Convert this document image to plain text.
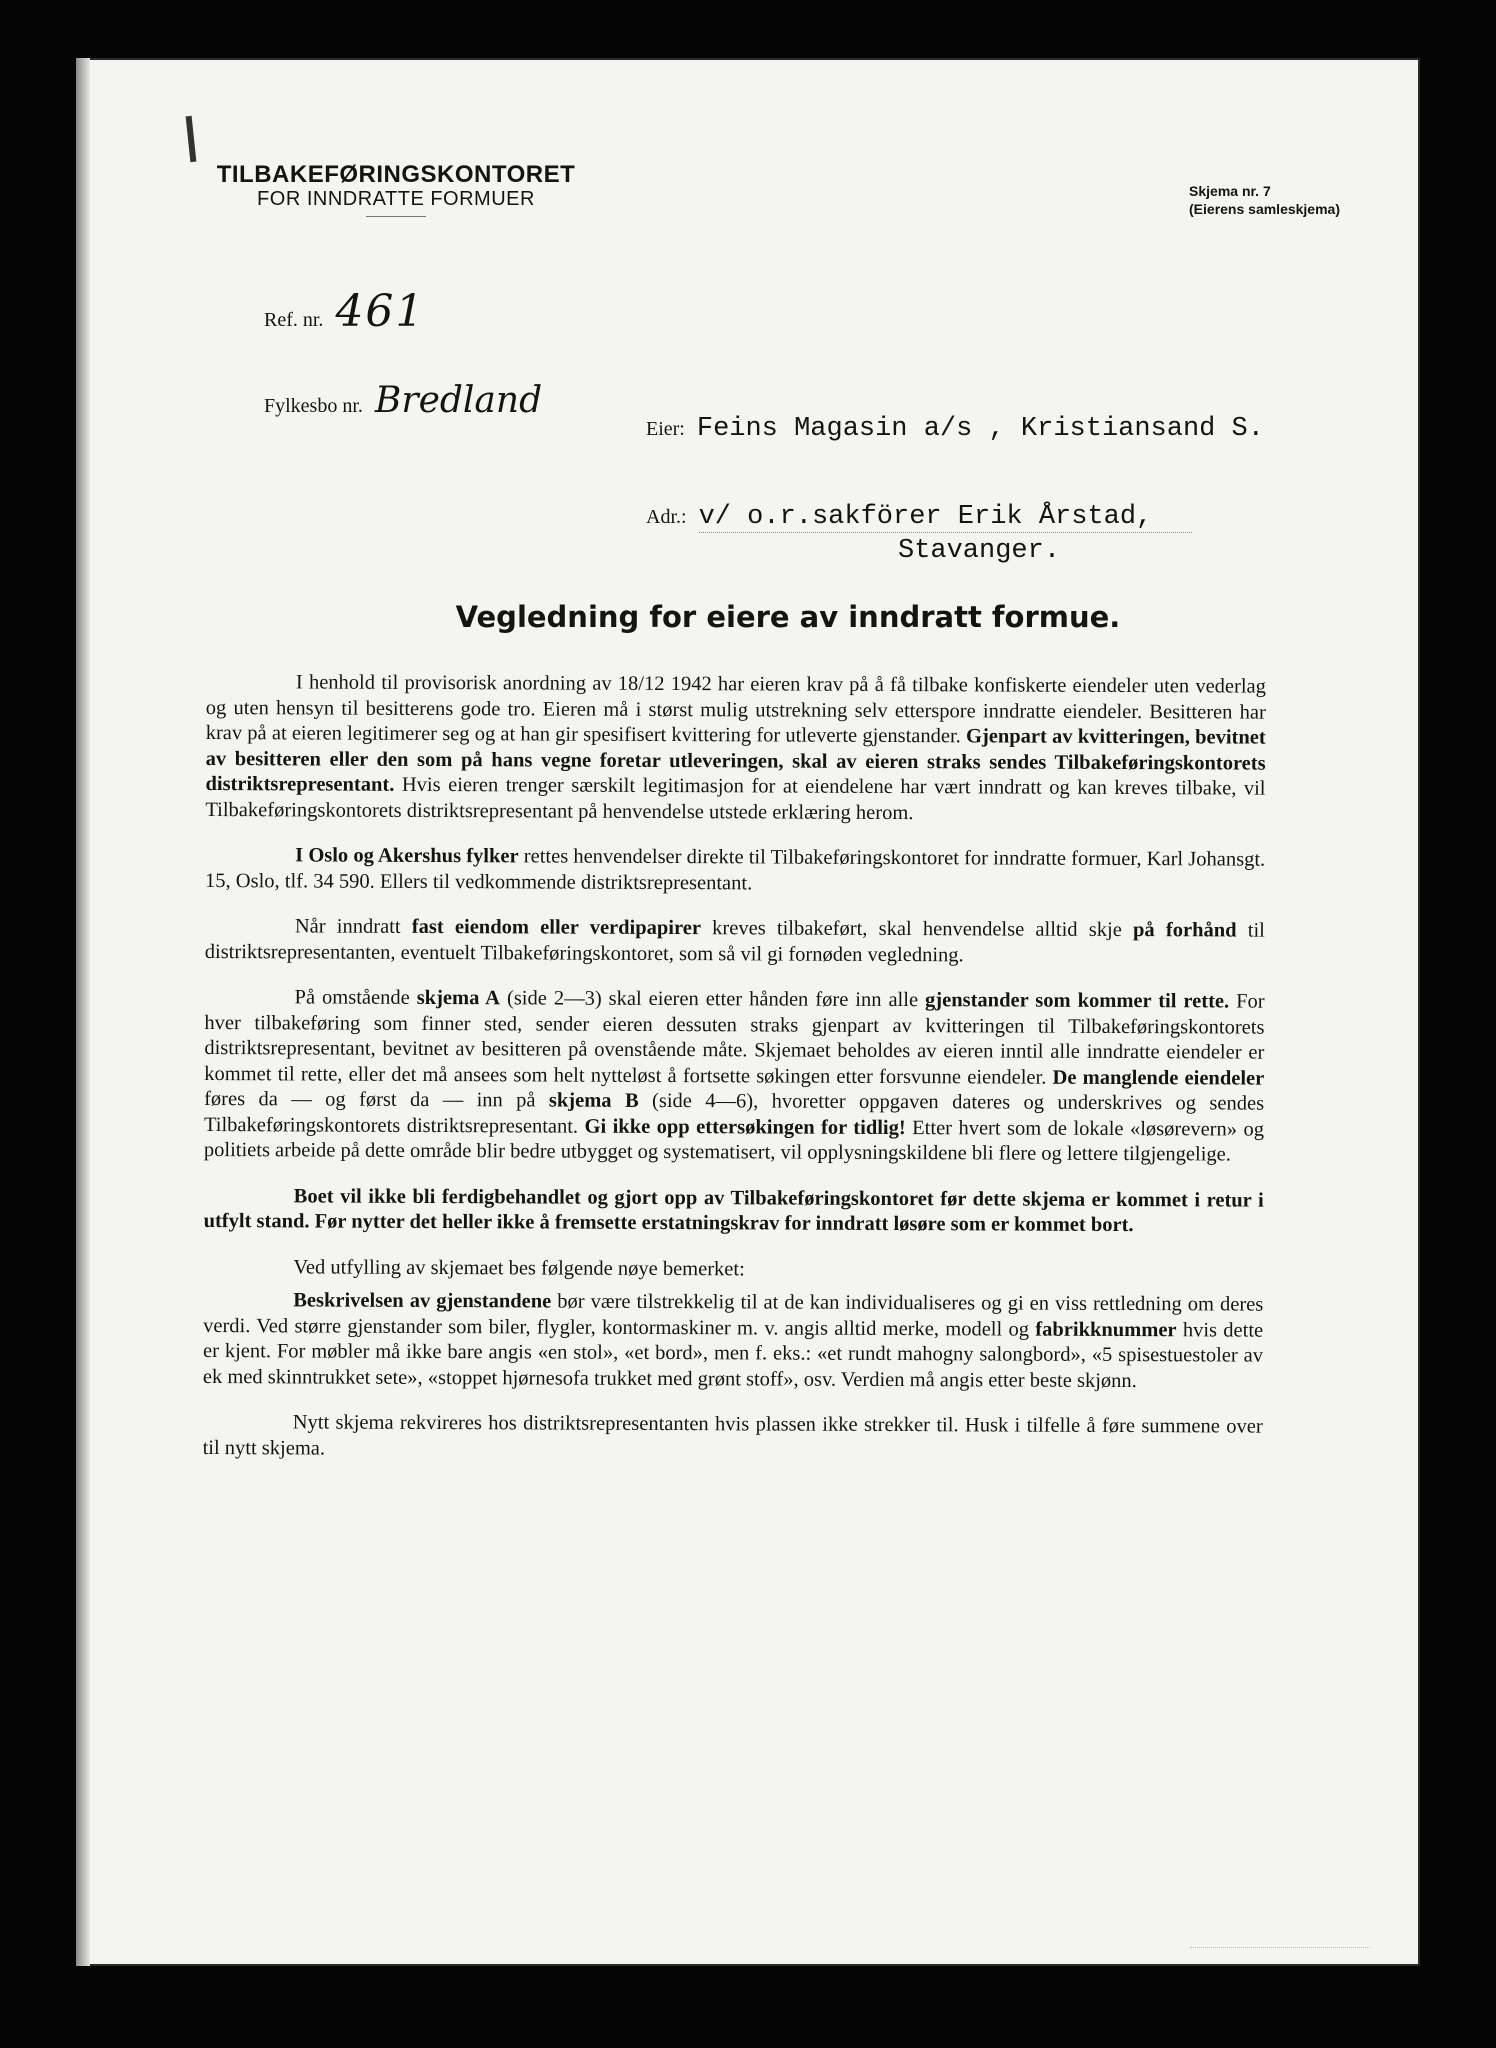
TILBAKEFØRINGSKONTORET
FOR INNDRATTE FORMUER	Skjema nr. 7
(Eierens samleskjema)
Ref. nr. 461
Fylkesbo nr. Bredland
Eier: Feins Magasin a/s , Kristiansand S.
Adr.: v/ o.r.sakförer Erik Årstad,
Stavanger.
Vegledning for eiere av inndratt formue.

I henhold til provisorisk anordning av 18/12 1942 har eieren krav på å få tilbake konfiskerte eiendeler uten vederlag og uten hensyn til besitterens gode tro. Eieren må i størst mulig utstrekning selv etterspore inndratte eiendeler. Besitteren har krav på at eieren legitimerer seg og at han gir spesifisert kvittering for utleverte gjenstander. Gjenpart av kvitteringen, bevitnet av besitteren eller den som på hans vegne foretar utleveringen, skal av eieren straks sendes Tilbakeføringskontorets distriktsrepresentant. Hvis eieren trenger særskilt legitimasjon for at eiendelene har vært inndratt og kan kreves tilbake, vil Tilbakeføringskontorets distriktsrepresentant på henvendelse utstede erklæring herom.

I Oslo og Akershus fylker rettes henvendelser direkte til Tilbakeføringskontoret for inndratte formuer, Karl Johansgt. 15, Oslo, tlf. 34 590. Ellers til vedkommende distriktsrepresentant.

Når inndratt fast eiendom eller verdipapirer kreves tilbakeført, skal henvendelse alltid skje på forhånd til distriktsrepresentanten, eventuelt Tilbakeføringskontoret, som så vil gi fornøden vegledning.

På omstående skjema A (side 2—3) skal eieren etter hånden føre inn alle gjenstander som kommer til rette. For hver tilbakeføring som finner sted, sender eieren dessuten straks gjenpart av kvitteringen til Tilbakeføringskontorets distriktsrepresentant, bevitnet av besitteren på ovenstående måte. Skjemaet beholdes av eieren inntil alle inndratte eiendeler er kommet til rette, eller det må ansees som helt nytteløst å fortsette søkingen etter forsvunne eiendeler. De manglende eiendeler føres da — og først da — inn på skjema B (side 4—6), hvoretter oppgaven dateres og underskrives og sendes Tilbakeføringskontorets distriktsrepresentant. Gi ikke opp ettersøkingen for tidlig! Etter hvert som de lokale «løsørevern» og politiets arbeide på dette område blir bedre utbygget og systematisert, vil opplysningskildene bli flere og lettere tilgjengelige.

Boet vil ikke bli ferdigbehandlet og gjort opp av Tilbakeføringskontoret før dette skjema er kommet i retur i utfylt stand. Før nytter det heller ikke å fremsette erstatningskrav for inndratt løsøre som er kommet bort.

Ved utfylling av skjemaet bes følgende nøye bemerket:

Beskrivelsen av gjenstandene bør være tilstrekkelig til at de kan individualiseres og gi en viss rettledning om deres verdi. Ved større gjenstander som biler, flygler, kontormaskiner m. v. angis alltid merke, modell og fabrikknummer hvis dette er kjent. For møbler må ikke bare angis «en stol», «et bord», men f. eks.: «et rundt mahogny salongbord», «5 spisestuestoler av ek med skinntrukket sete», «stoppet hjørnesofa trukket med grønt stoff», osv. Verdien må angis etter beste skjønn.

Nytt skjema rekvireres hos distriktsrepresentanten hvis plassen ikke strekker til. Husk i tilfelle å føre summene over til nytt skjema.
